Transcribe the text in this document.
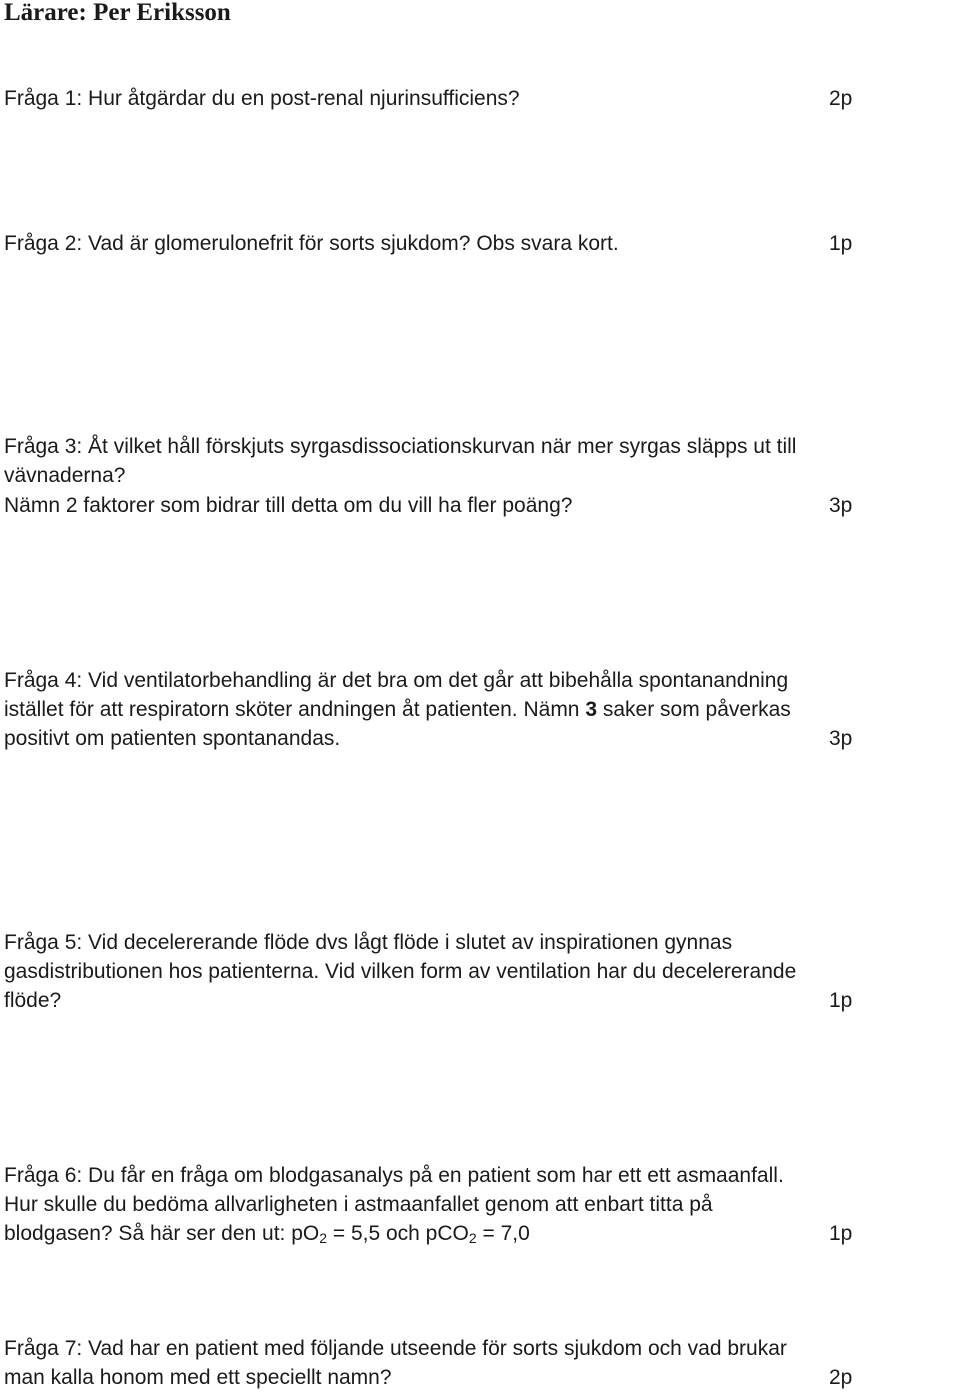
Lärare: Per Eriksson
Fråga 1: Hur åtgärdar du en post-renal njurinsufficiens?	2p
Fråga 2: Vad är glomerulonefrit för sorts sjukdom? Obs svara kort.	1p
Fråga 3: Åt vilket håll förskjuts syrgasdissociationskurvan när mer syrgas släpps ut till
vävnaderna?
Nämn 2 faktorer som bidrar till detta om du vill ha fler poäng?	3p
Fråga 4: Vid ventilatorbehandling är det bra om det går att bibehålla spontanandning
istället för att respiratorn sköter andningen åt patienten. Nämn 3 saker som påverkas
positivt om patienten spontanandas.	3p
Fråga 5: Vid decelererande flöde dvs lågt flöde i slutet av inspirationen gynnas
gasdistributionen hos patienterna. Vid vilken form av ventilation har du decelererande
flöde?	1p
Fråga 6: Du får en fråga om blodgasanalys på en patient som har ett ett asmaanfall.
Hur skulle du bedöma allvarligheten i astmaanfallet genom att enbart titta på
blodgasen? Så här ser den ut: $pO_2 = 5,5$ och pCO$_2$ = 7,0	1p
Fråga 7: Vad har en patient med följande utseende för sorts sjukdom och vad brukar
man kalla honom med ett speciellt namn?	2p
